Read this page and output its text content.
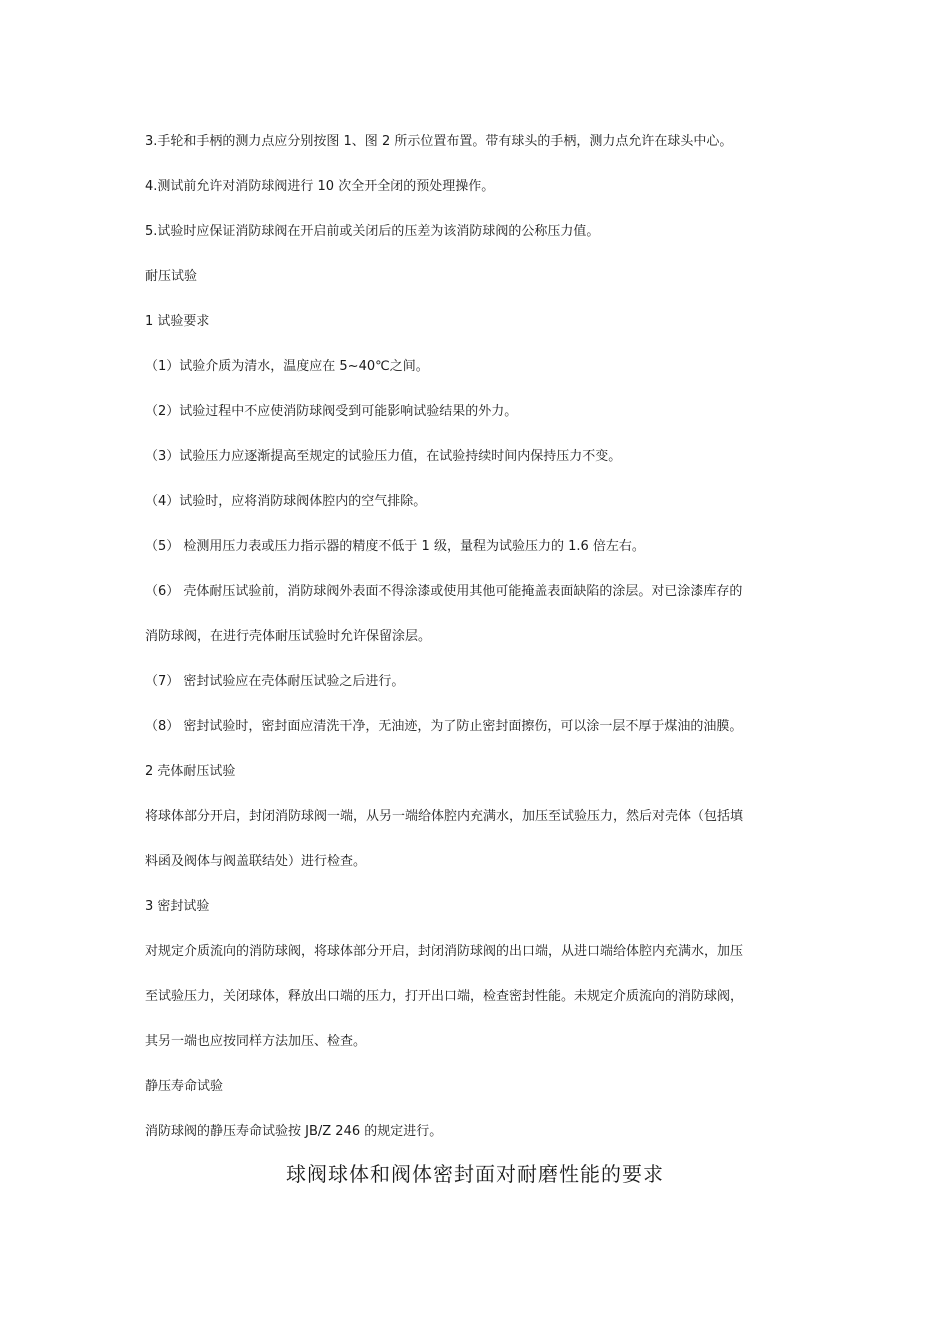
3.手轮和手柄的测力点应分别按图 1、图 2 所示位置布置。带有球头的手柄，测力点允许在球头中心。
4.测试前允许对消防球阀进行 10 次全开全闭的预处理操作。
5.试验时应保证消防球阀在开启前或关闭后的压差为该消防球阀的公称压力值。
耐压试验
1 试验要求
（1）试验介质为清水，温度应在 5~40℃之间。
（2）试验过程中不应使消防球阀受到可能影响试验结果的外力。
（3）试验压力应逐渐提高至规定的试验压力值，在试验持续时间内保持压力不变。
（4）试验时，应将消防球阀体腔内的空气排除。
（5） 检测用压力表或压力指示器的精度不低于 1 级，量程为试验压力的 1.6 倍左右。
（6） 壳体耐压试验前，消防球阀外表面不得涂漆或使用其他可能掩盖表面缺陷的涂层。对已涂漆库存的
消防球阀，在进行壳体耐压试验时允许保留涂层。
（7） 密封试验应在壳体耐压试验之后进行。
（8） 密封试验时，密封面应清洗干净，无油迹，为了防止密封面擦伤，可以涂一层不厚于煤油的油膜。
2 壳体耐压试验
将球体部分开启，封闭消防球阀一端，从另一端给体腔内充满水，加压至试验压力，然后对壳体（包括填
料函及阀体与阀盖联结处）进行检查。
3 密封试验
对规定介质流向的消防球阀，将球体部分开启，封闭消防球阀的出口端，从进口端给体腔内充满水，加压
至试验压力，关闭球体，释放出口端的压力，打开出口端，检查密封性能。未规定介质流向的消防球阀，
其另一端也应按同样方法加压、检查。
静压寿命试验
消防球阀的静压寿命试验按 JB/Z 246 的规定进行。
球阀球体和阀体密封面对耐磨性能的要求
